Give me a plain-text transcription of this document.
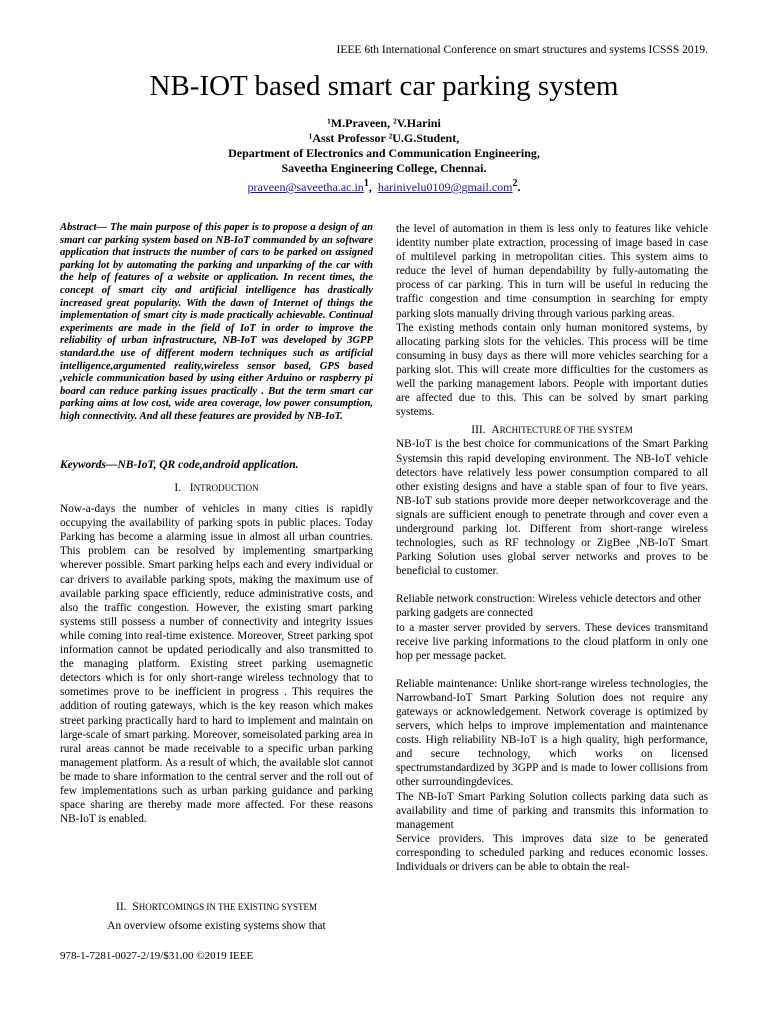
IEEE 6th International Conference on smart structures and systems ICSSS 2019.
NB-IOT based smart car parking system
¹M.Praveen, ²V.Harini
¹Asst Professor ²U.G.Student,
Department of Electronics and Communication Engineering,
Saveetha Engineering College, Chennai.
$praveen@saveetha.ac.in^1$,  harinivelu0109@gmail.com$^2$.
Abstract— The main purpose of this paper is to propose a design of an smart car parking system based on NB-IoT commanded by an software application that instructs the number of cars to be parked on assigned parking lot by automating the parking and unparking of the car with the help of features of a website or application. In recent times, the concept of smart city and artificial intelligence has drastically increased great popularity. With the dawn of Internet of things the implementation of smart city is made practically achievable. Continual experiments are made in the field of IoT in order to improve the reliability of urban infrastructure, NB-IoT was developed by 3GPP standard.the use of different modern techniques such as artificial intelligence,argumented reality,wireless sensor based, GPS based ,vehicle communication based by using either Arduino or raspberry pi board can reduce parking issues practically . But the term smart car parking aims at low cost, wide area coverage, low power consumption, high connectivity. And all these features are provided by NB-IoT.
Keywords—NB-IoT, QR code,android application.
I. INTRODUCTION

Now-a-days the number of vehicles in many cities is rapidly occupying the availability of parking spots in public places. Today Parking has become a alarming issue in almost all urban countries. This problem can be resolved by implementing smartparking wherever possible. Smart parking helps each and every individual or car drivers to available parking spots, making the maximum use of available parking space efficiently, reduce administrative costs, and also the traffic congestion. However, the existing smart parking systems still possess a number of connectivity and integrity issues while coming into real-time existence. Moreover, Street parking spot information cannot be updated periodically and also transmitted to the managing platform. Existing street parking usemagnetic detectors which is for only short-range wireless technology that to sometimes prove to be inefficient in progress . This requires the addition of routing gateways, which is the key reason which makes street parking practically hard to hard to implement and maintain on large-scale of smart parking. Moreover, someisolated parking area in rural areas cannot be made receivable to a specific urban parking management platform. As a result of which, the available slot cannot be made to share information to the central server and the roll out of few implementations such as urban parking guidance and parking space sharing are thereby made more affected. For these reasons NB-IoT is enabled.

II. SHORTCOMINGS IN THE EXISTING SYSTEM

An overview ofsome existing systems show that

the level of automation in them is less only to features like vehicle identity number plate extraction, processing of image based in case of multilevel parking in metropolitan cities. This system aims to reduce the level of human dependability by fully-automating the process of car parking. This in turn will be useful in reducing the traffic congestion and time consumption in searching for empty parking slots manually driving through various parking areas.

The existing methods contain only human monitored systems, by allocating parking slots for the vehicles. This process will be time consuming in busy days as there will more vehicles searching for a parking slot. This will create more difficulties for the customers as well the parking management labors. People with important duties are affected due to this. This can be solved by smart parking systems.

III. ARCHITECTURE OF THE SYSTEM

NB-IoT is the best choice for communications of the Smart Parking Systemsin this rapid developing environment. The NB-IoT vehicle detectors have relatively less power consumption compared to all other existing designs and have a stable span of four to five years. NB-IoT sub stations provide more deeper networkcoverage and the signals are sufficient enough to penetrate through and cover even a underground parking lot. Different from short-range wireless technologies, such as RF technology or ZigBee ,NB-IoT Smart Parking Solution uses global server networks and proves to be beneficial to customer.

Reliable network construction: Wireless vehicle detectors and other parking gadgets are connected

to a master server provided by servers. These devices transmitand receive live parking informations to the cloud platform in only one hop per message packet.

Reliable maintenance: Unlike short-range wireless technologies, the Narrowband-IoT Smart Parking Solution does not require any gateways or acknowledgement. Network coverage is optimized by servers, which helps to improve implementation and maintenance costs. High reliability NB-IoT is a high quality, high performance, and secure technology, which works on licensed spectrumstandardized by 3GPP and is made to lower collisions from other surroundingdevices.

The NB-IoT Smart Parking Solution collects parking data such as availability and time of parking and transmits this information to management

Service providers. This improves data size to be generated corresponding to scheduled parking and reduces economic losses. Individuals or drivers can be able to obtain the real-

978-1-7281-0027-2/19/$31.00 ©2019 IEEE
